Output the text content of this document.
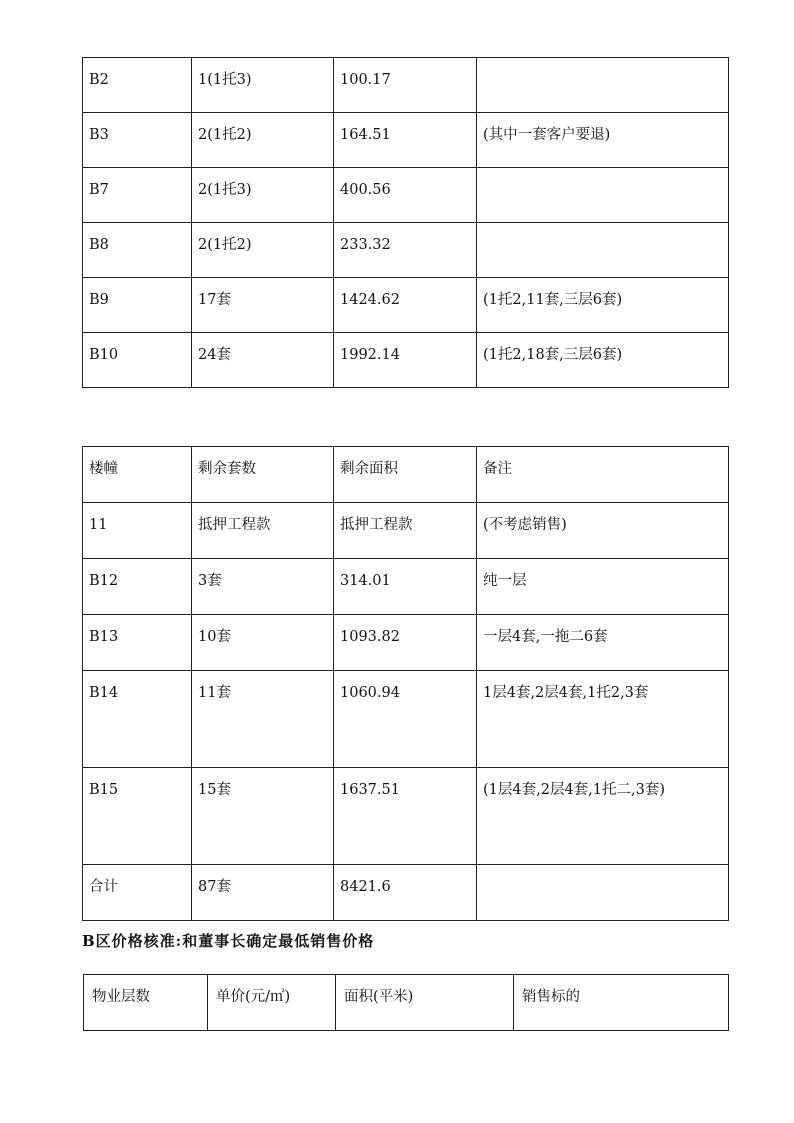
B2	1(1托3)	100.17	
B3	2(1托2)	164.51	(其中一套客户要退)
B7	2(1托3)	400.56	
B8	2(1托2)	233.32	
B9	17套	1424.62	(1托2,11套,三层6套)
B10	24套	1992.14	(1托2,18套,三层6套)
楼幢	剩余套数	剩余面积	备注
11	抵押工程款	抵押工程款	(不考虑销售)
B12	3套	314.01	纯一层
B13	10套	1093.82	一层4套,一拖二6套
B14	11套	1060.94	1层4套,2层4套,1托2,3套

B15	15套	1637.51	(1层4套,2层4套,1托二,3套)

合计	87套	8421.6	
B区价格核准:和董事长确定最低销售价格
物业层数	单价(元/㎡)	面积(平米)	销售标的
